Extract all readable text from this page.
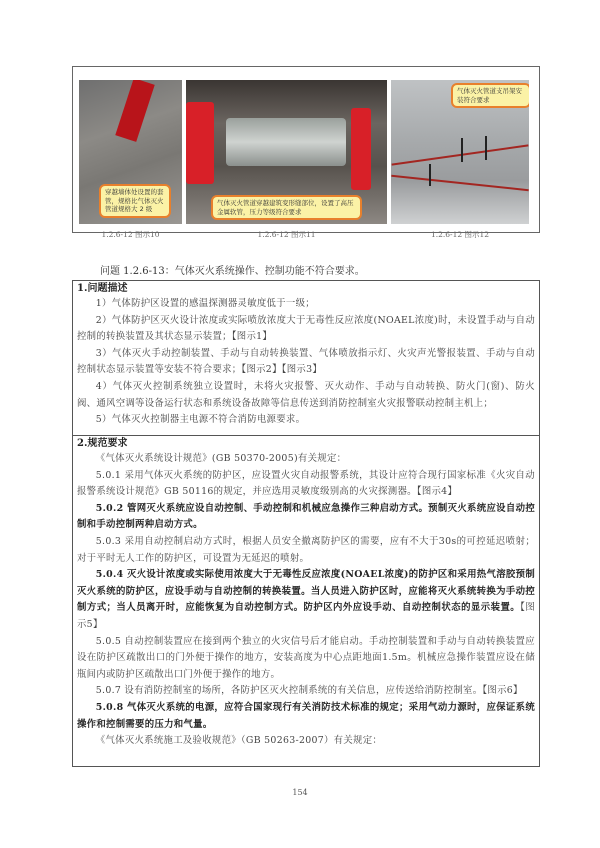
穿越墙体处设置的套管，规格比气体灭火管道规格大 2 级
气体灭火管道穿越建筑变形缝部位，设置了高压金属软管，压力等级符合要求
气体灭火管道支吊架安装符合要求
1.2.6-12 图示10	1.2.6-12 图示11	1.2.6-12 图示12
问题 1.2.6-13：气体灭火系统操作、控制功能不符合要求。
1.问题描述

1）气体防护区设置的感温探测器灵敏度低于一级；

2）气体防护区灭火设计浓度或实际喷放浓度大于无毒性反应浓度(NOAEL浓度)时，未设置手动与自动控制的转换装置及其状态显示装置；【图示1】

3）气体灭火手动控制装置、手动与自动转换装置、气体喷放指示灯、火灾声光警报装置、手动与自动控制状态显示装置等安装不符合要求；【图示2】【图示3】

4）气体灭火控制系统独立设置时，未将火灾报警、灭火动作、手动与自动转换、防火门(窗)、防火阀、通风空调等设备运行状态和系统设备故障等信息传送到消防控制室火灾报警联动控制主机上；

5）气体灭火控制器主电源不符合消防电源要求。

2.规范要求

《气体灭火系统设计规范》(GB 50370-2005)有关规定：

5.0.1 采用气体灭火系统的防护区，应设置火灾自动报警系统，其设计应符合现行国家标准《火灾自动报警系统设计规范》GB 50116的规定，并应选用灵敏度级别高的火灾探测器。【图示4】

5.0.2 管网灭火系统应设自动控制、手动控制和机械应急操作三种启动方式。预制灭火系统应设自动控制和手动控制两种启动方式。

5.0.3 采用自动控制启动方式时，根据人员安全撤离防护区的需要，应有不大于30s的可控延迟喷射；对于平时无人工作的防护区，可设置为无延迟的喷射。

5.0.4 灭火设计浓度或实际使用浓度大于无毒性反应浓度(NOAEL浓度)的防护区和采用热气溶胶预制灭火系统的防护区，应设手动与自动控制的转换装置。当人员进入防护区时，应能将灭火系统转换为手动控制方式；当人员离开时，应能恢复为自动控制方式。防护区内外应设手动、自动控制状态的显示装置。【图示5】

5.0.5 自动控制装置应在接到两个独立的火灾信号后才能启动。手动控制装置和手动与自动转换装置应设在防护区疏散出口的门外便于操作的地方，安装高度为中心点距地面1.5m。机械应急操作装置应设在储瓶间内或防护区疏散出口门外便于操作的地方。

5.0.7 设有消防控制室的场所，各防护区灭火控制系统的有关信息，应传送给消防控制室。【图示6】

5.0.8 气体灭火系统的电源，应符合国家现行有关消防技术标准的规定；采用气动力源时，应保证系统操作和控制需要的压力和气量。

《气体灭火系统施工及验收规范》（GB 50263-2007）有关规定：

154
